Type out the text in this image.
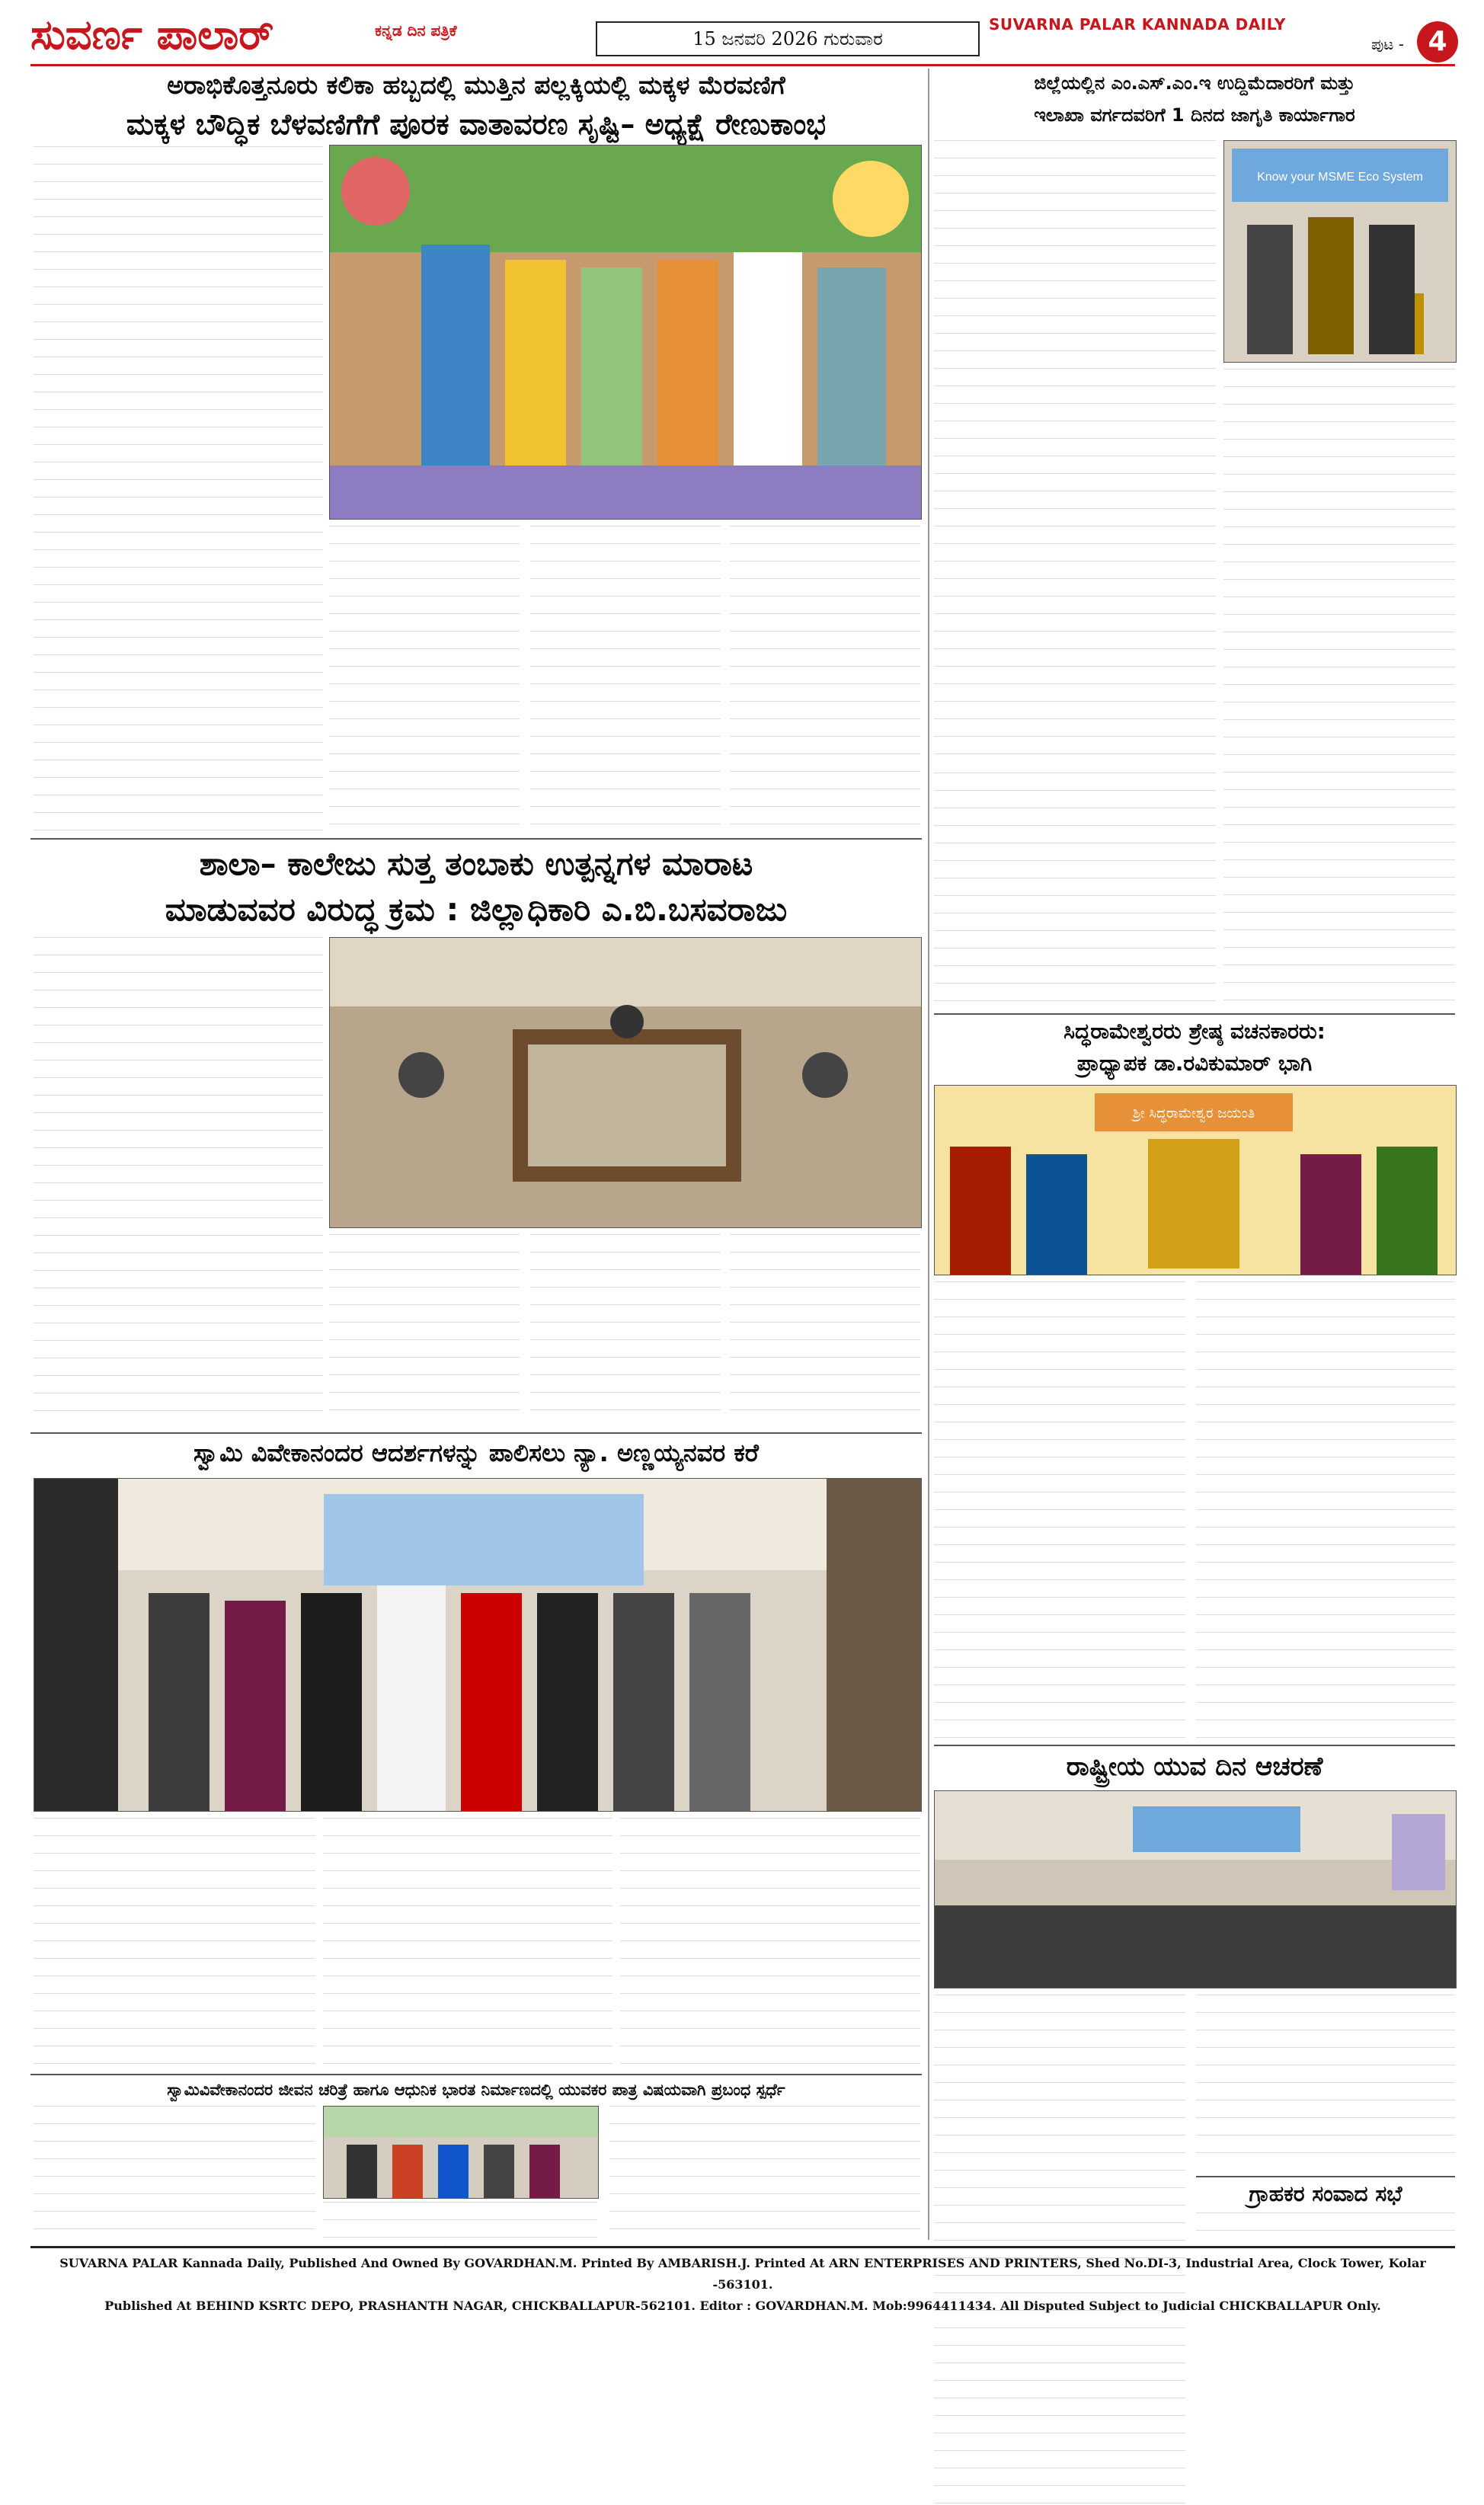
ಸುವರ್ಣ ಪಾಲಾರ್	ಕನ್ನಡ ದಿನ ಪತ್ರಿಕೆ	15 ಜನವರಿ 2026 ಗುರುವಾರ
SUVARNA PALAR KANNADA DAILY
ಪುಟ - 4
ಅರಾಭಿಕೊತ್ತನೂರು ಕಲಿಕಾ ಹಬ್ಬದಲ್ಲಿ ಮುತ್ತಿನ ಪಲ್ಲಕ್ಕಿಯಲ್ಲಿ ಮಕ್ಕಳ ಮೆರವಣಿಗೆ
ಮಕ್ಕಳ ಬೌದ್ಧಿಕ ಬೆಳವಣಿಗೆಗೆ ಪೂರಕ ವಾತಾವರಣ ಸೃಷ್ಟಿ– ಅಧ್ಯಕ್ಷೆ ರೇಣುಕಾಂಭ
ಜಿಲ್ಲೆಯಲ್ಲಿನ ಎಂ.ಎಸ್.ಎಂ.ಇ ಉದ್ದಿಮೆದಾರರಿಗೆ ಮತ್ತು
ಇಲಾಖಾ ವರ್ಗದವರಿಗೆ 1 ದಿನದ ಜಾಗೃತಿ ಕಾರ್ಯಾಗಾರ
Know your MSME Eco System
ಶಾಲಾ– ಕಾಲೇಜು ಸುತ್ತ ತಂಬಾಕು ಉತ್ಪನ್ನಗಳ ಮಾರಾಟ
ಮಾಡುವವರ ವಿರುದ್ಧ ಕ್ರಮ : ಜಿಲ್ಲಾಧಿಕಾರಿ ಎ.ಬಿ.ಬಸವರಾಜು
ಸಿದ್ಧರಾಮೇಶ್ವರರು ಶ್ರೇಷ್ಠ ವಚನಕಾರರು:
ಪ್ರಾಧ್ಯಾಪಕ ಡಾ.ರವಿಕುಮಾರ್ ಭಾಗಿ
ಶ್ರೀ ಸಿದ್ಧರಾಮೇಶ್ವರ ಜಯಂತಿ
ಸ್ವಾಮಿ ವಿವೇಕಾನಂದರ ಆದರ್ಶಗಳನ್ನು ಪಾಲಿಸಲು ನ್ಯಾ. ಅಣ್ಣಯ್ಯನವರ ಕರೆ
ರಾಷ್ಟ್ರೀಯ ಯುವ ದಿನ ಆಚರಣೆ
ಸ್ವಾಮಿವಿವೇಕಾನಂದರ ಜೀವನ ಚರಿತ್ರೆ ಹಾಗೂ ಆಧುನಿಕ ಭಾರತ ನಿರ್ಮಾಣದಲ್ಲಿ ಯುವಕರ ಪಾತ್ರ ವಿಷಯವಾಗಿ ಪ್ರಬಂಧ ಸ್ಪರ್ಧೆ
ಗ್ರಾಹಕರ ಸಂವಾದ ಸಭೆ
SUVARNA PALAR Kannada Daily, Published And Owned By GOVARDHAN.M. Printed By AMBARISH.J. Printed At ARN ENTERPRISES AND PRINTERS, Shed No.DI-3, Industrial Area, Clock Tower, Kolar -563101.
Published At BEHIND KSRTC DEPO, PRASHANTH NAGAR, CHICKBALLAPUR-562101. Editor : GOVARDHAN.M. Mob:9964411434. All Disputed Subject to Judicial CHICKBALLAPUR Only.
